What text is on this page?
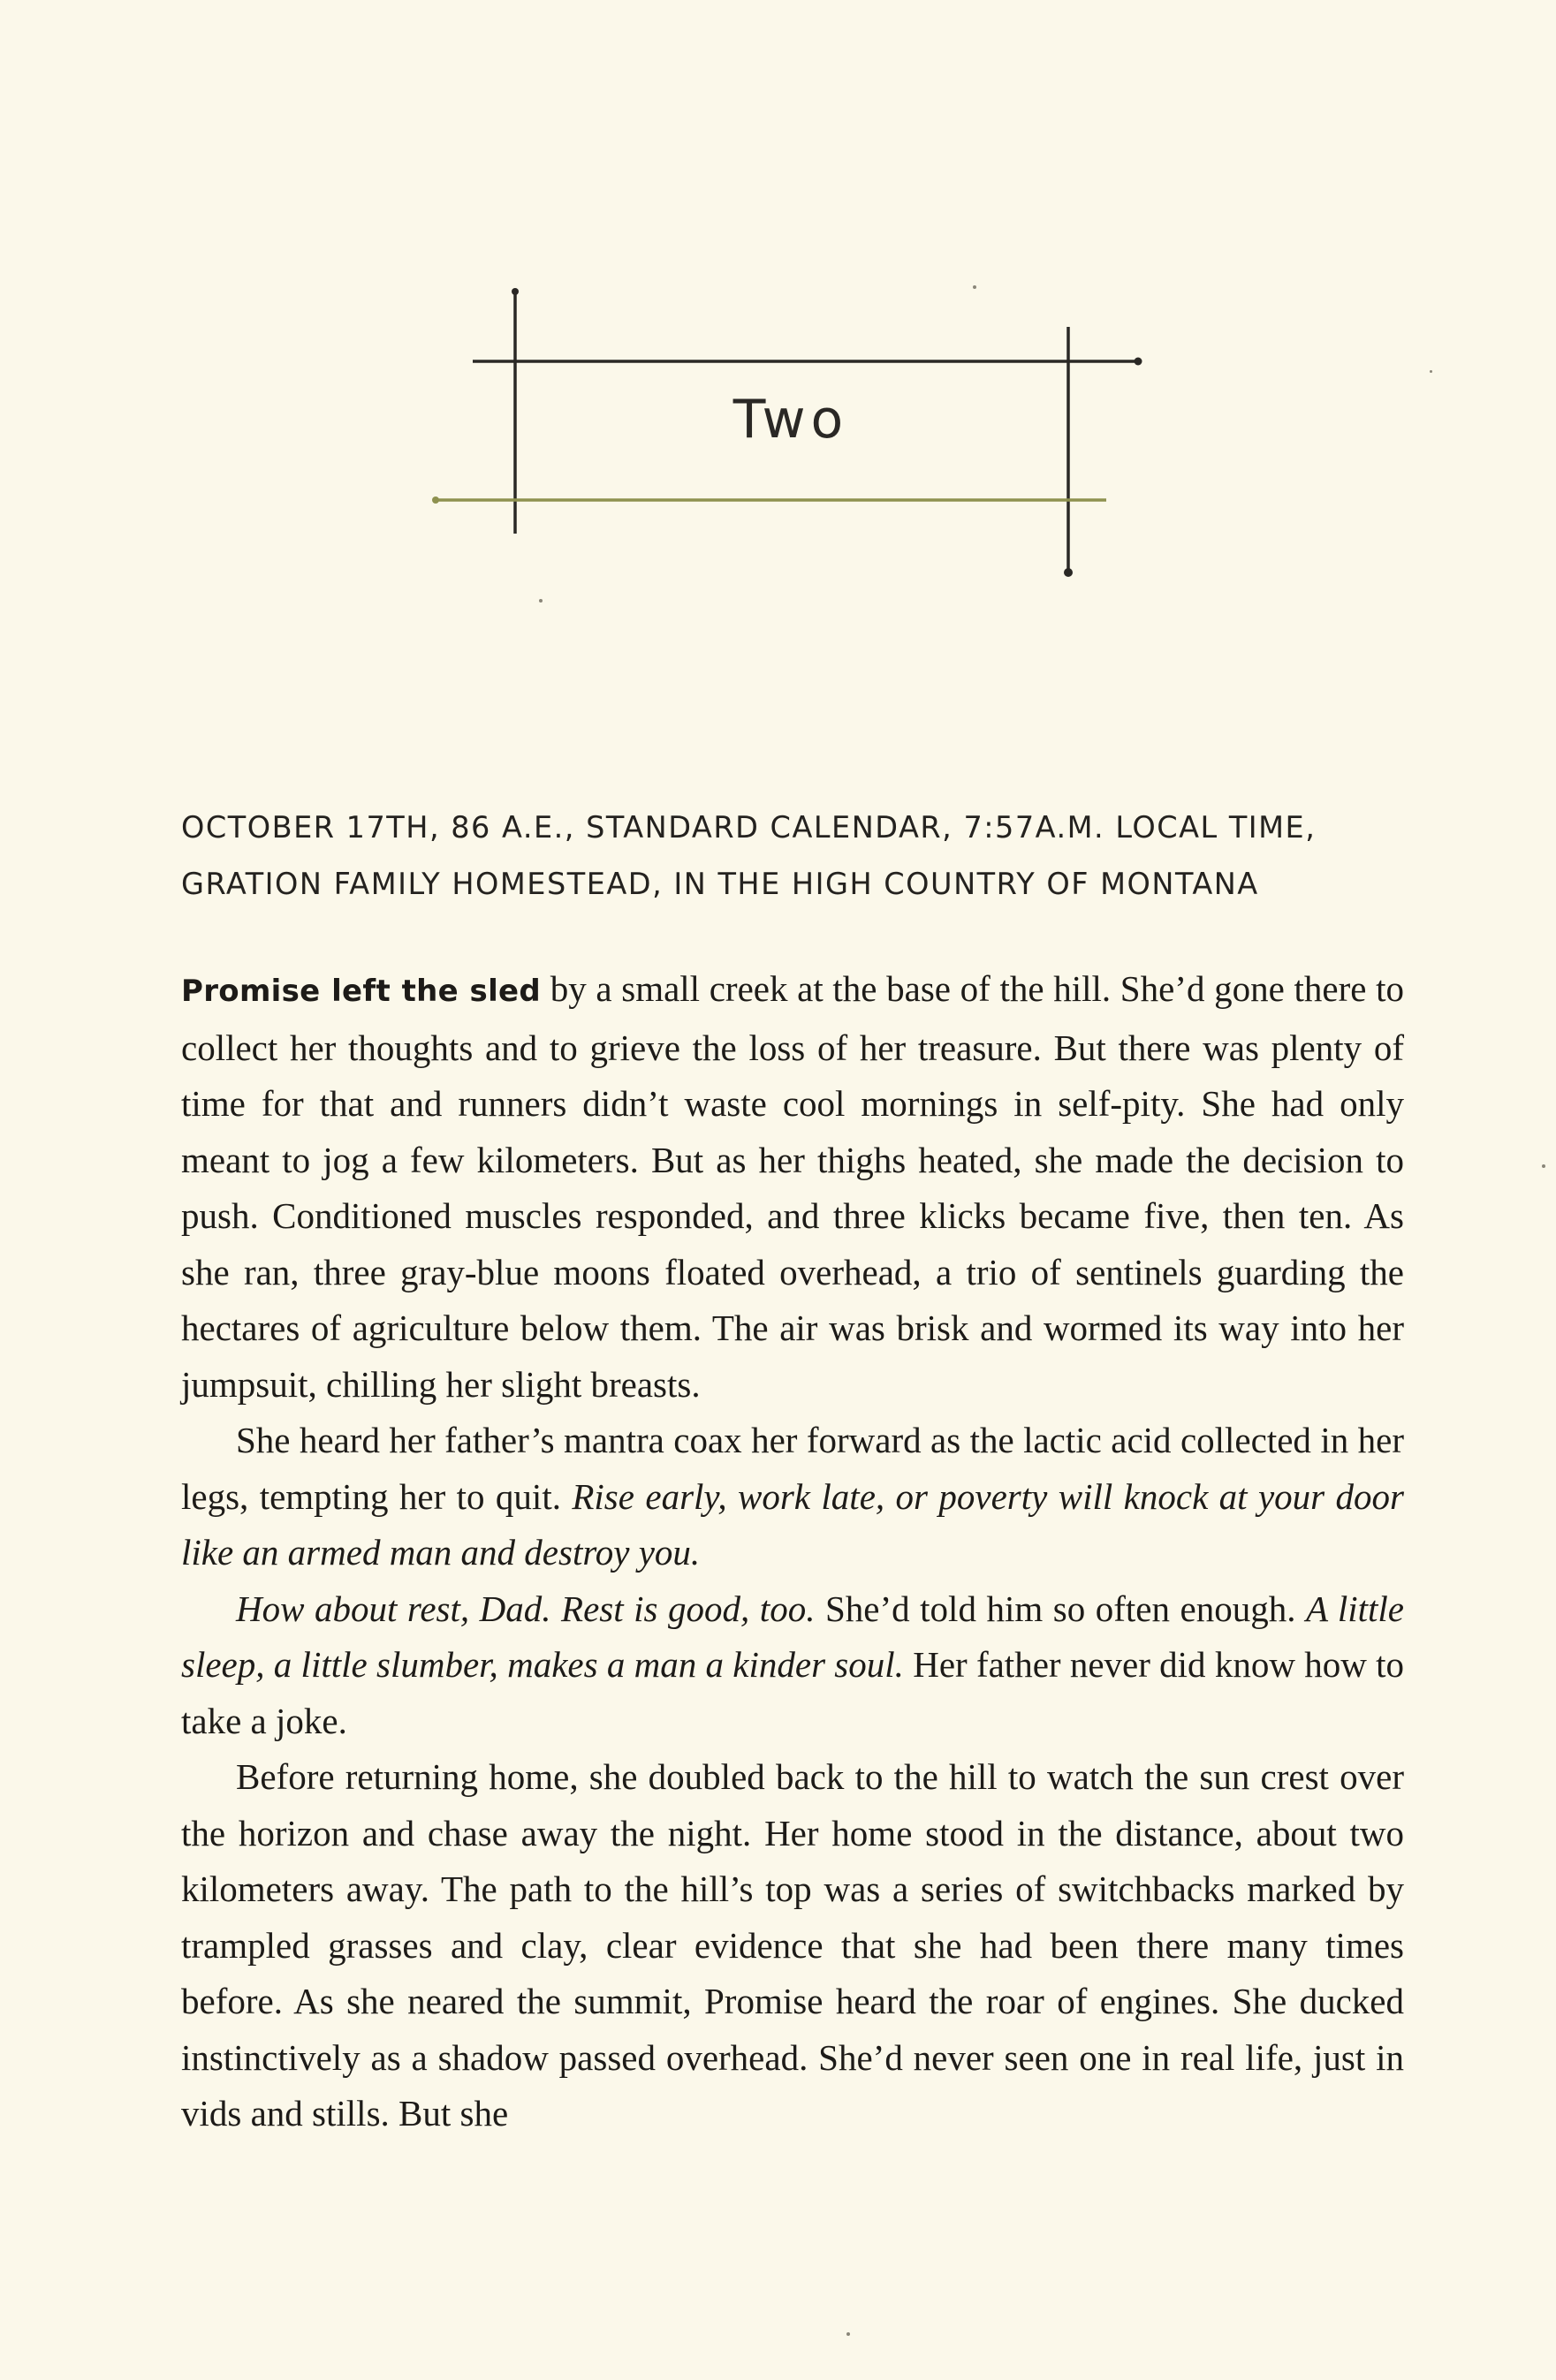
Two
OCTOBER 17TH, 86 A.E., STANDARD CALENDAR, 7:57A.M. LOCAL TIME,
GRATION FAMILY HOMESTEAD, IN THE HIGH COUNTRY OF MONTANA

Promise left the sled by a small creek at the base of the hill. She’d gone there to collect her thoughts and to grieve the loss of her treasure. But there was plenty of time for that and runners didn’t waste cool mornings in self-pity. She had only meant to jog a few kilometers. But as her thighs heated, she made the decision to push. Conditioned muscles responded, and three klicks became five, then ten. As she ran, three gray-blue moons floated overhead, a trio of sentinels guarding the hectares of agriculture below them. The air was brisk and wormed its way into her jumpsuit, chilling her slight breasts.

She heard her father’s mantra coax her forward as the lactic acid collected in her legs, tempting her to quit. Rise early, work late, or poverty will knock at your door like an armed man and destroy you.

How about rest, Dad. Rest is good, too. She’d told him so often enough. A little sleep, a little slumber, makes a man a kinder soul. Her father never did know how to take a joke.

Before returning home, she doubled back to the hill to watch the sun crest over the horizon and chase away the night. Her home stood in the distance, about two kilometers away. The path to the hill’s top was a series of switchbacks marked by trampled grasses and clay, clear evidence that she had been there many times before. As she neared the summit, Promise heard the roar of engines. She ducked instinctively as a shadow passed overhead. She’d never seen one in real life, just in vids and stills. But she
